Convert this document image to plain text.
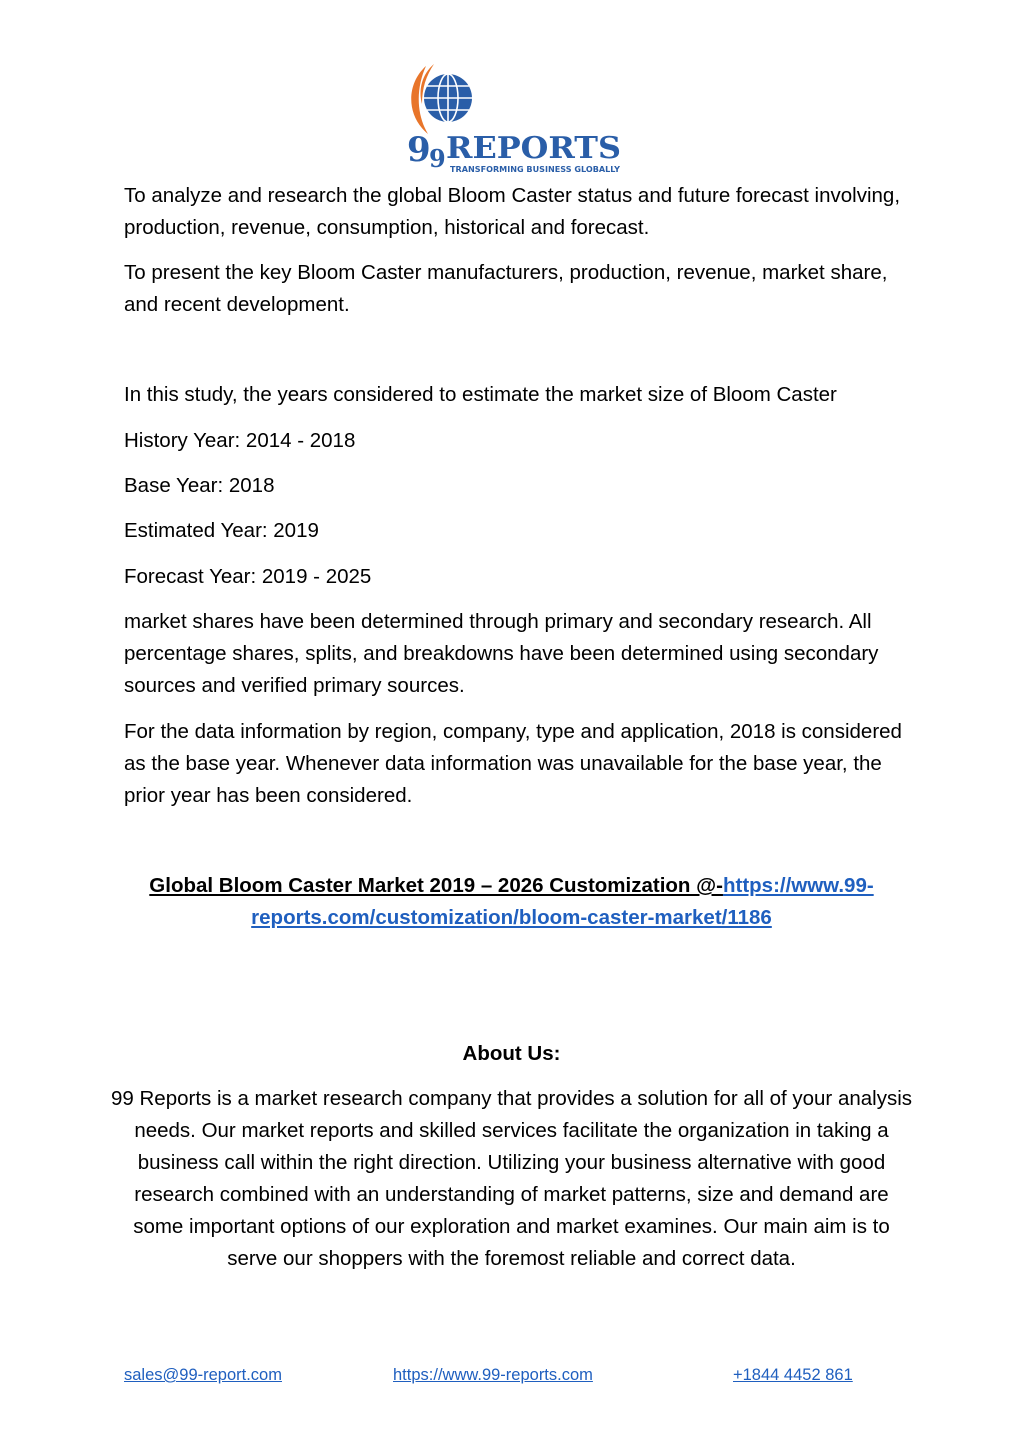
9
9 REPORTS
TRANSFORMING BUSINESS GLOBALLY

To analyze and research the global Bloom Caster status and future forecast involving, production, revenue, consumption, historical and forecast.

To present the key Bloom Caster manufacturers, production, revenue, market share, and recent development.

In this study, the years considered to estimate the market size of Bloom Caster

History Year: 2014 - 2018

Base Year: 2018

Estimated Year: 2019

Forecast Year: 2019 - 2025

market shares have been determined through primary and secondary research. All percentage shares, splits, and breakdowns have been determined using secondary sources and verified primary sources.

For the data information by region, company, type and application, 2018 is considered as the base year. Whenever data information was unavailable for the base year, the prior year has been considered.

Global Bloom Caster Market 2019 – 2026 Customization @-https://www.99-reports.com/customization/bloom-caster-market/1186

About Us:

99 Reports is a market research company that provides a solution for all of your analysis needs. Our market reports and skilled services facilitate the organization in taking a business call within the right direction. Utilizing your business alternative with good research combined with an understanding of market patterns, size and demand are some important options of our exploration and market examines. Our main aim is to serve our shoppers with the foremost reliable and correct data.

sales@99-report.com	https://www.99-reports.com	+1844 4452 861
